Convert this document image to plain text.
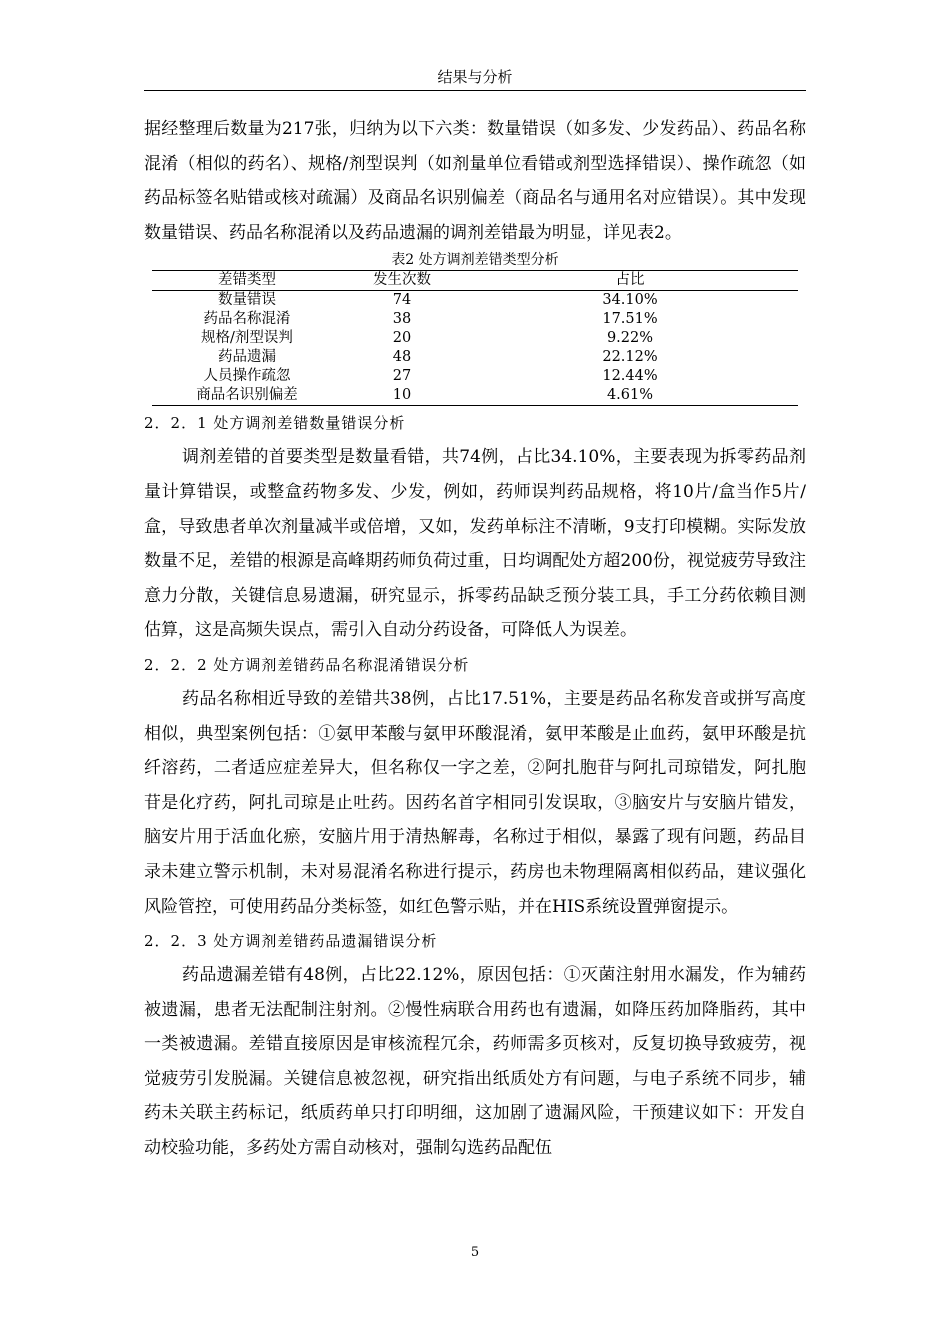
结果与分析

据经整理后数量为217张，归纳为以下六类：数量错误（如多发、少发药品）、药品名称混淆（相似的药名）、规格/剂型误判（如剂量单位看错或剂型选择错误）、操作疏忽（如药品标签名贴错或核对疏漏）及商品名识别偏差（商品名与通用名对应错误）。其中发现数量错误、药品名称混淆以及药品遗漏的调剂差错最为明显，详见表2。

表2 处方调剂差错类型分析
差错类型	发生次数	占比
数量错误	74	34.10%
药品名称混淆	38	17.51%
规格/剂型误判	20	9.22%
药品遗漏	48	22.12%
人员操作疏忽	27	12.44%
商品名识别偏差	10	4.61%

2．2．1 处方调剂差错数量错误分析

调剂差错的首要类型是数量看错，共74例，占比34.10%，主要表现为拆零药品剂量计算错误，或整盒药物多发、少发，例如，药师误判药品规格，将10片/盒当作5片/盒，导致患者单次剂量减半或倍增，又如，发药单标注不清晰，9支打印模糊。实际发放数量不足，差错的根源是高峰期药师负荷过重，日均调配处方超200份，视觉疲劳导致注意力分散，关键信息易遗漏，研究显示，拆零药品缺乏预分装工具，手工分药依赖目测估算，这是高频失误点，需引入自动分药设备，可降低人为误差。

2．2．2 处方调剂差错药品名称混淆错误分析

药品名称相近导致的差错共38例，占比17.51%，主要是药品名称发音或拼写高度相似，典型案例包括：①氨甲苯酸与氨甲环酸混淆，氨甲苯酸是止血药，氨甲环酸是抗纤溶药，二者适应症差异大，但名称仅一字之差，②阿扎胞苷与阿扎司琼错发，阿扎胞苷是化疗药，阿扎司琼是止吐药。因药名首字相同引发误取，③脑安片与安脑片错发，脑安片用于活血化瘀，安脑片用于清热解毒，名称过于相似，暴露了现有问题，药品目录未建立警示机制，未对易混淆名称进行提示，药房也未物理隔离相似药品，建议强化风险管控，可使用药品分类标签，如红色警示贴，并在HIS系统设置弹窗提示。

2．2．3 处方调剂差错药品遗漏错误分析

药品遗漏差错有48例，占比22.12%，原因包括：①灭菌注射用水漏发，作为辅药被遗漏，患者无法配制注射剂。②慢性病联合用药也有遗漏，如降压药加降脂药，其中一类被遗漏。差错直接原因是审核流程冗余，药师需多页核对，反复切换导致疲劳，视觉疲劳引发脱漏。关键信息被忽视，研究指出纸质处方有问题，与电子系统不同步，辅药未关联主药标记，纸质药单只打印明细，这加剧了遗漏风险，干预建议如下：开发自动校验功能，多药处方需自动核对，强制勾选药品配伍

5
